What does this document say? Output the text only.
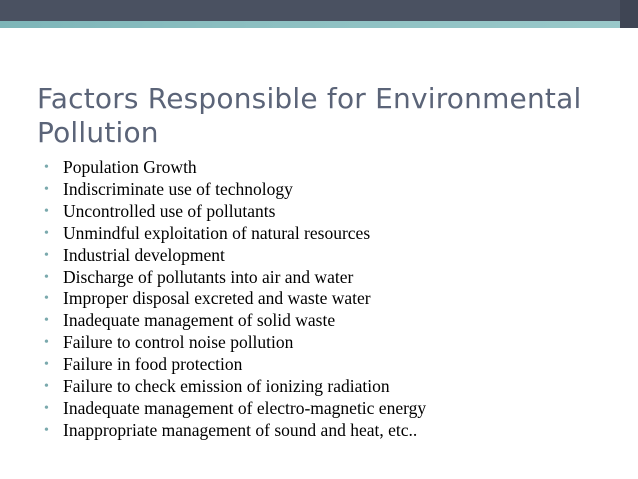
Factors Responsible for Environmental Pollution
• Population Growth
• Indiscriminate use of technology
• Uncontrolled use of pollutants
• Unmindful exploitation of natural resources
• Industrial development
• Discharge of pollutants into air and water
• Improper disposal excreted and waste water
• Inadequate management of solid waste
• Failure to control noise pollution
• Failure in food protection
• Failure to check emission of ionizing radiation
• Inadequate management of electro-magnetic energy
• Inappropriate management of sound and heat, etc..
